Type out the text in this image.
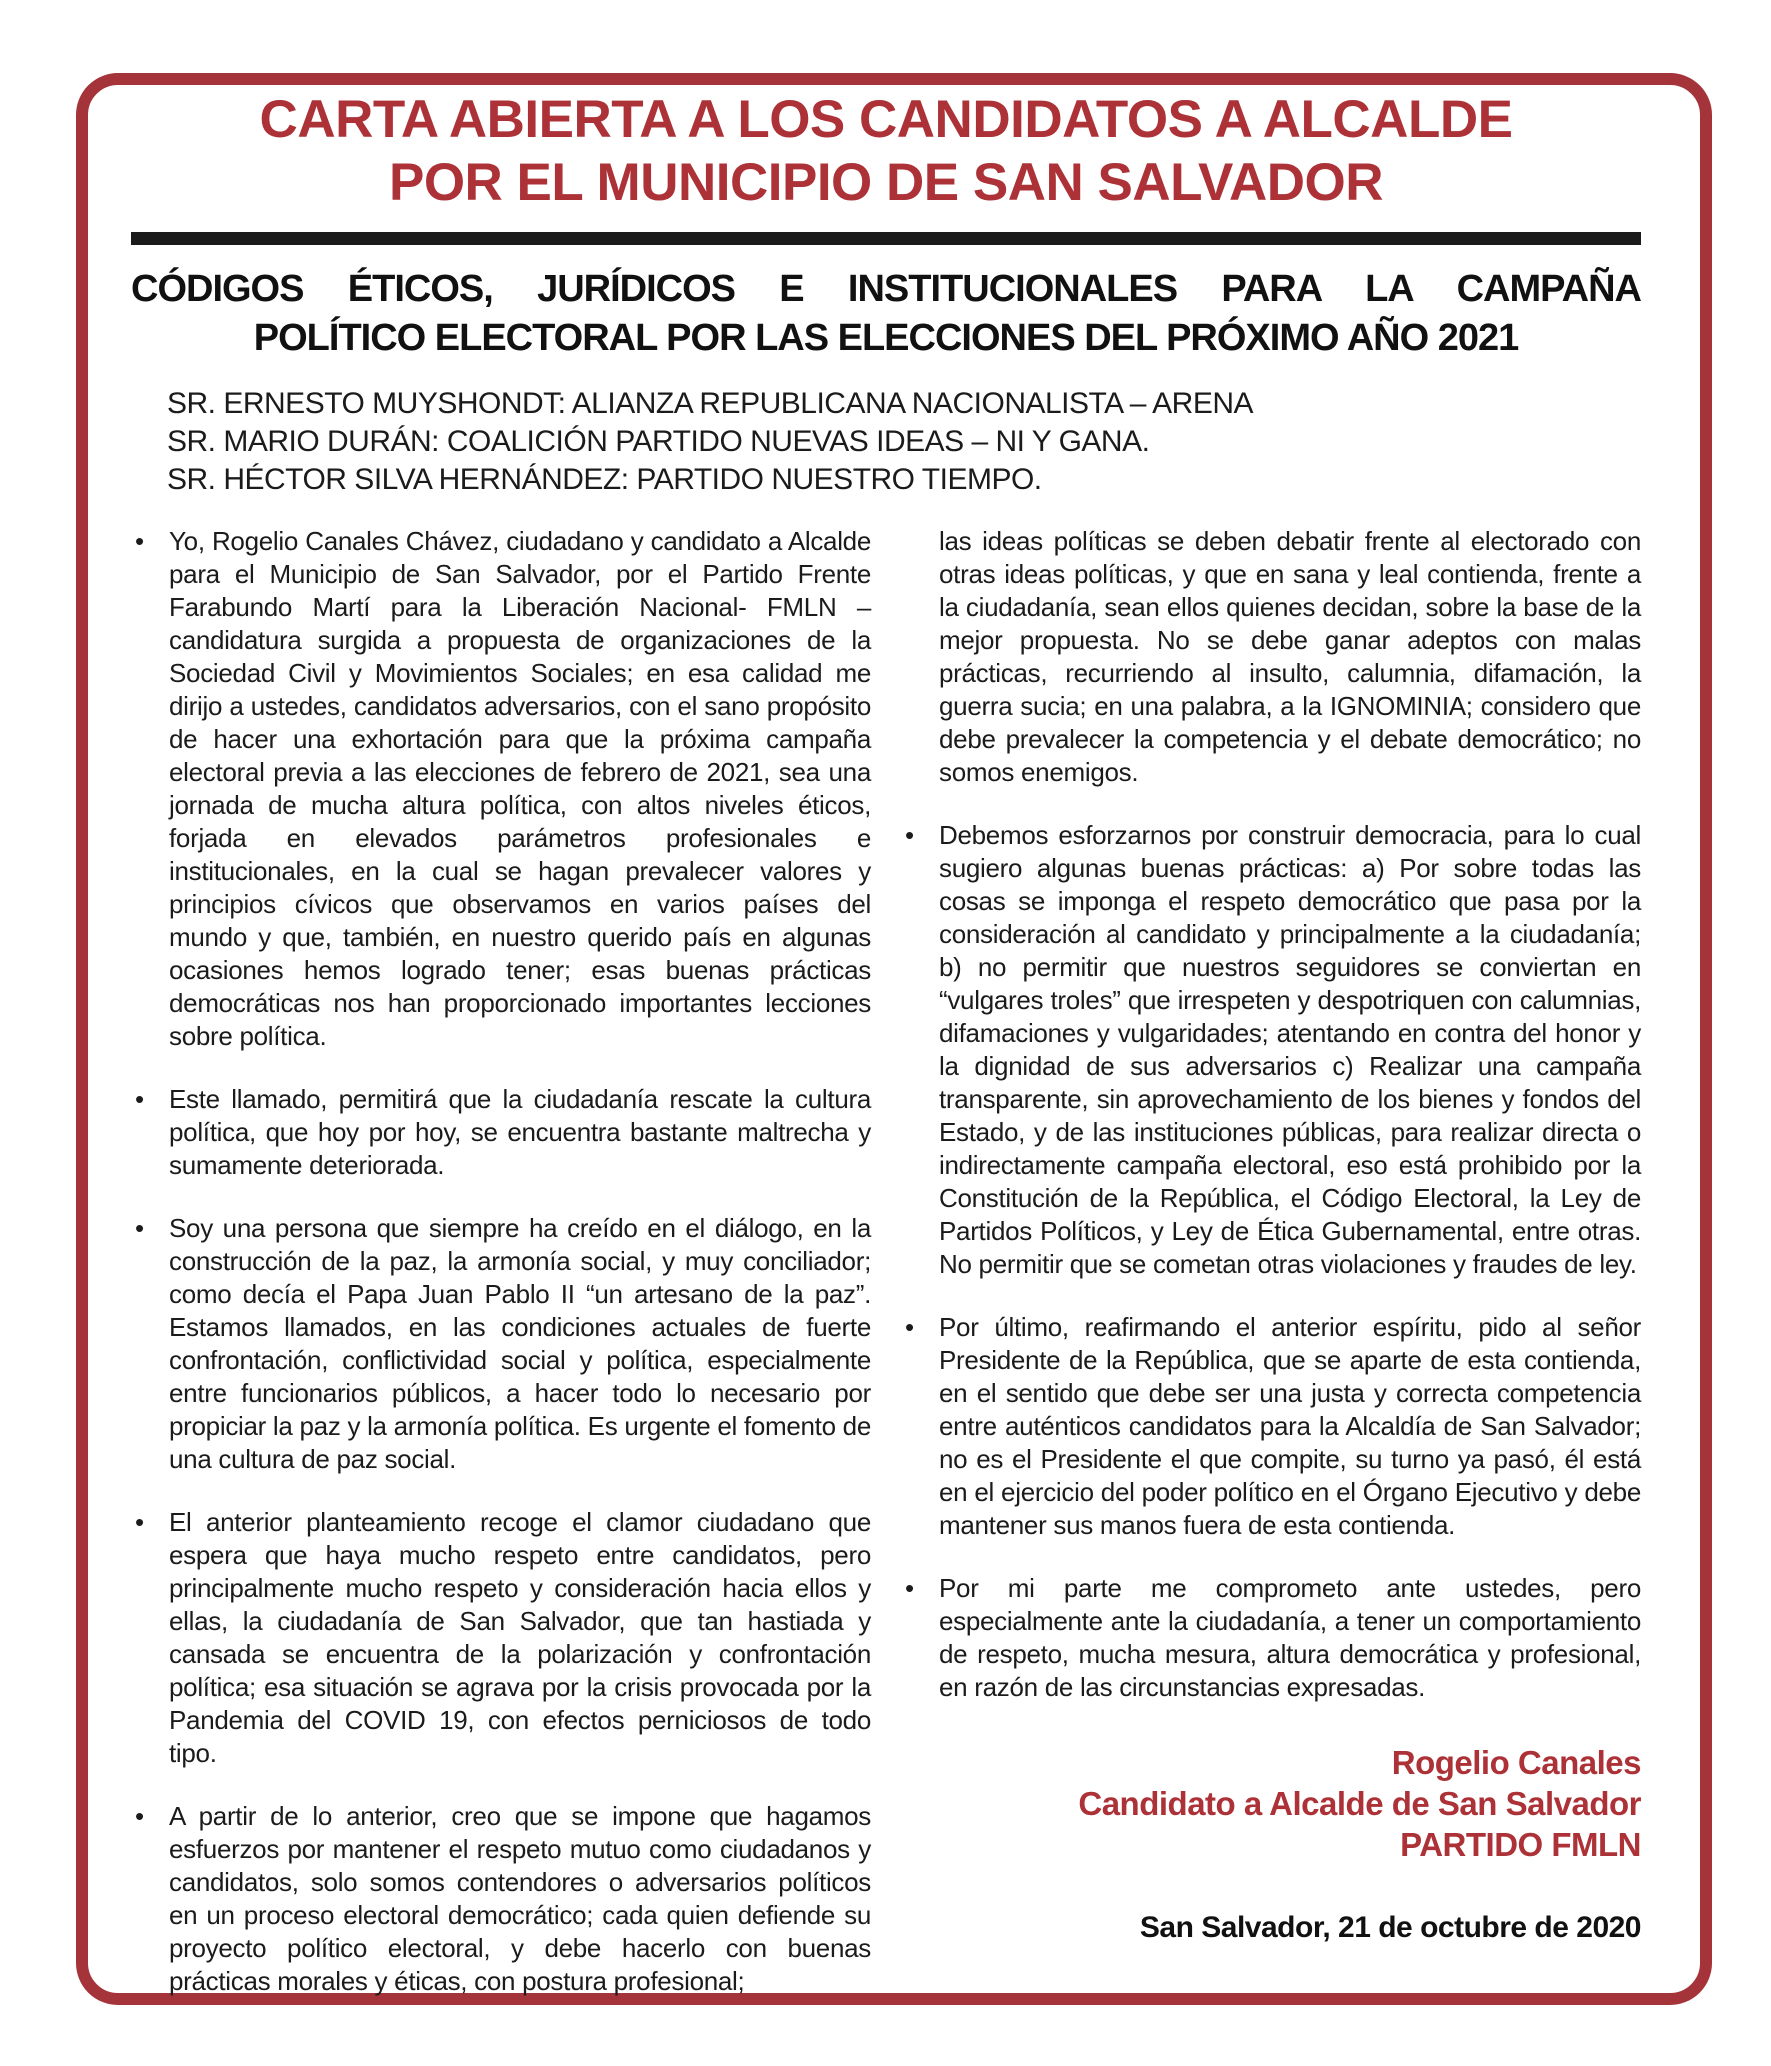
CARTA ABIERTA A LOS CANDIDATOS A ALCALDE
POR EL MUNICIPIO DE SAN SALVADOR
CÓDIGOS ÉTICOS, JURÍDICOS E INSTITUCIONALES PARA LA CAMPAÑA
POLÍTICO ELECTORAL POR LAS ELECCIONES DEL PRÓXIMO AÑO 2021
SR. ERNESTO MUYSHONDT: ALIANZA REPUBLICANA NACIONALISTA – ARENA
SR. MARIO DURÁN: COALICIÓN PARTIDO NUEVAS IDEAS – NI Y GANA.
SR. HÉCTOR SILVA HERNÁNDEZ: PARTIDO NUESTRO TIEMPO.
• Yo, Rogelio Canales Chávez, ciudadano y candidato a Alcalde para el Municipio de San Salvador, por el Partido Frente Farabundo Martí para la Liberación Nacional- FMLN – candidatura surgida a propuesta de organizaciones de la Sociedad Civil y Movimientos Sociales; en esa calidad me dirijo a ustedes, candidatos adversarios, con el sano propósito de hacer una exhortación para que la próxima campaña electoral previa a las elecciones de febrero de 2021, sea una jornada de mucha altura política, con altos niveles éticos, forjada en elevados parámetros profesionales e institucionales, en la cual se hagan prevalecer valores y principios cívicos que observamos en varios países del mundo y que, también, en nuestro querido país en algunas ocasiones hemos logrado tener; esas buenas prácticas democráticas nos han proporcionado importantes lecciones sobre política.
• Este llamado, permitirá que la ciudadanía rescate la cultura política, que hoy por hoy, se encuentra bastante maltrecha y sumamente deteriorada.
• Soy una persona que siempre ha creído en el diálogo, en la construcción de la paz, la armonía social, y muy conciliador; como decía el Papa Juan Pablo II “un artesano de la paz”. Estamos llamados, en las condiciones actuales de fuerte confrontación, conflictividad social y política, especialmente entre funcionarios públicos, a hacer todo lo necesario por propiciar la paz y la armonía política. Es urgente el fomento de una cultura de paz social.
• El anterior planteamiento recoge el clamor ciudadano que espera que haya mucho respeto entre candidatos, pero principalmente mucho respeto y consideración hacia ellos y ellas, la ciudadanía de San Salvador, que tan hastiada y cansada se encuentra de la polarización y confrontación política; esa situación se agrava por la crisis provocada por la Pandemia del COVID 19, con efectos perniciosos de todo tipo.
• A partir de lo anterior, creo que se impone que hagamos esfuerzos por mantener el respeto mutuo como ciudadanos y candidatos, solo somos contendores o adversarios políticos en un proceso electoral democrático; cada quien defiende su proyecto político electoral, y debe hacerlo con buenas prácticas morales y éticas, con postura profesional;
las ideas políticas se deben debatir frente al electorado con otras ideas políticas, y que en sana y leal contienda, frente a la ciudadanía, sean ellos quienes decidan, sobre la base de la mejor propuesta. No se debe ganar adeptos con malas prácticas, recurriendo al insulto, calumnia, difamación, la guerra sucia; en una palabra, a la IGNOMINIA; considero que debe prevalecer la competencia y el debate democrático; no somos enemigos.
• Debemos esforzarnos por construir democracia, para lo cual sugiero algunas buenas prácticas: a) Por sobre todas las cosas se imponga el respeto democrático que pasa por la consideración al candidato y principalmente a la ciudadanía; b) no permitir que nuestros seguidores se conviertan en “vulgares troles” que irrespeten y despotriquen con calumnias, difamaciones y vulgaridades; atentando en contra del honor y la dignidad de sus adversarios c) Realizar una campaña transparente, sin aprovechamiento de los bienes y fondos del Estado, y de las instituciones públicas, para realizar directa o indirectamente campaña electoral, eso está prohibido por la Constitución de la República, el Código Electoral, la Ley de Partidos Políticos, y Ley de Ética Gubernamental, entre otras. No permitir que se cometan otras violaciones y fraudes de ley.
• Por último, reafirmando el anterior espíritu, pido al señor Presidente de la República, que se aparte de esta contienda, en el sentido que debe ser una justa y correcta competencia entre auténticos candidatos para la Alcaldía de San Salvador; no es el Presidente el que compite, su turno ya pasó, él está en el ejercicio del poder político en el Órgano Ejecutivo y debe mantener sus manos fuera de esta contienda.
• Por mi parte me comprometo ante ustedes, pero especialmente ante la ciudadanía, a tener un comportamiento de respeto, mucha mesura, altura democrática y profesional, en razón de las circunstancias expresadas.
Rogelio Canales
Candidato a Alcalde de San Salvador
PARTIDO FMLN
San Salvador, 21 de octubre de 2020
